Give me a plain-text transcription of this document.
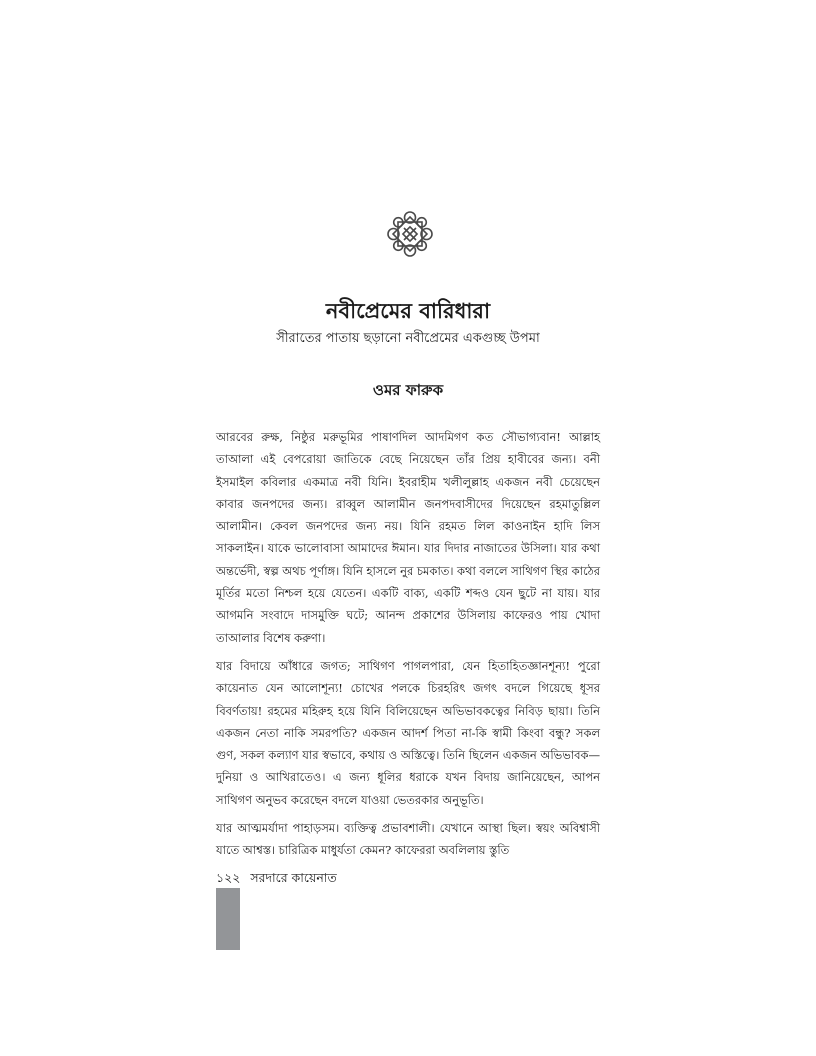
নবীপ্রেমের বারিধারা
সীরাতের পাতায় ছড়ানো নবীপ্রেমের একগুচ্ছ উপমা
ওমর ফারুক

আরবের রুক্ষ, নিষ্ঠুর মরুভূমির পাষাণদিল আদমিগণ কত সৌভাগ্যবান! আল্লাহ তাআলা এই বেপরোয়া জাতিকে বেছে নিয়েছেন তাঁর প্রিয় হাবীবের জন্য। বনী ইসমাইল কবিলার একমাত্র নবী যিনি। ইবরাহীম খলীলুল্লাহ একজন নবী চেয়েছেন কাবার জনপদের জন্য। রাব্বুল আলামীন জনপদবাসীদের দিয়েছেন রহমাতুল্লিল আলামীন। কেবল জনপদের জন্য নয়। যিনি রহমত লিল কাওনাইন হাদি লিস সাকলাইন। যাকে ভালোবাসা আমাদের ঈমান। যার দিদার নাজাতের উসিলা। যার কথা অন্তর্ভেদী, স্বল্প অথচ পূর্ণাঙ্গ। যিনি হাসলে নুর চমকাত। কথা বললে সাথিগণ স্থির কাঠের মূর্তির মতো নিশ্চল হয়ে যেতেন। একটি বাক্য, একটি শব্দও যেন ছুটে না যায়। যার আগমনি সংবাদে দাসমুক্তি ঘটে; আনন্দ প্রকাশের উসিলায় কাফেরও পায় খোদা তাআলার বিশেষ করুণা।

যার বিদায়ে আঁধারে জগত; সাথিগণ পাগলপারা, যেন হিতাহিতজ্ঞানশূন্য! পুরো কায়েনাত যেন আলোশূন্য! চোখের পলকে চিরহরিৎ জগৎ বদলে গিয়েছে ধূসর বিবর্ণতায়! রহমের মহিরুহ হয়ে যিনি বিলিয়েছেন অভিভাবকত্বের নিবিড় ছায়া। তিনি একজন নেতা নাকি সমরপতি? একজন আদর্শ পিতা না-কি স্বামী কিংবা বন্ধু? সকল গুণ, সকল কল্যাণ যার স্বভাবে, কথায় ও অস্তিত্বে। তিনি ছিলেন একজন অভিভাবক—দুনিয়া ও আখিরাতেও। এ জন্য ধূলির ধরাকে যখন বিদায় জানিয়েছেন, আপন সাথিগণ অনুভব করেছেন বদলে যাওয়া ভেতরকার অনুভূতি।

যার আত্মমর্যাদা পাহাড়সম। ব্যক্তিত্ব প্রভাবশালী। যেখানে আস্থা ছিল। স্বয়ং অবিশ্বাসী যাতে আশ্বস্ত। চারিত্রিক মাধুর্যতা কেমন? কাফেররা অবলিলায় স্তুতি

১২২ সরদারে কায়েনাত
